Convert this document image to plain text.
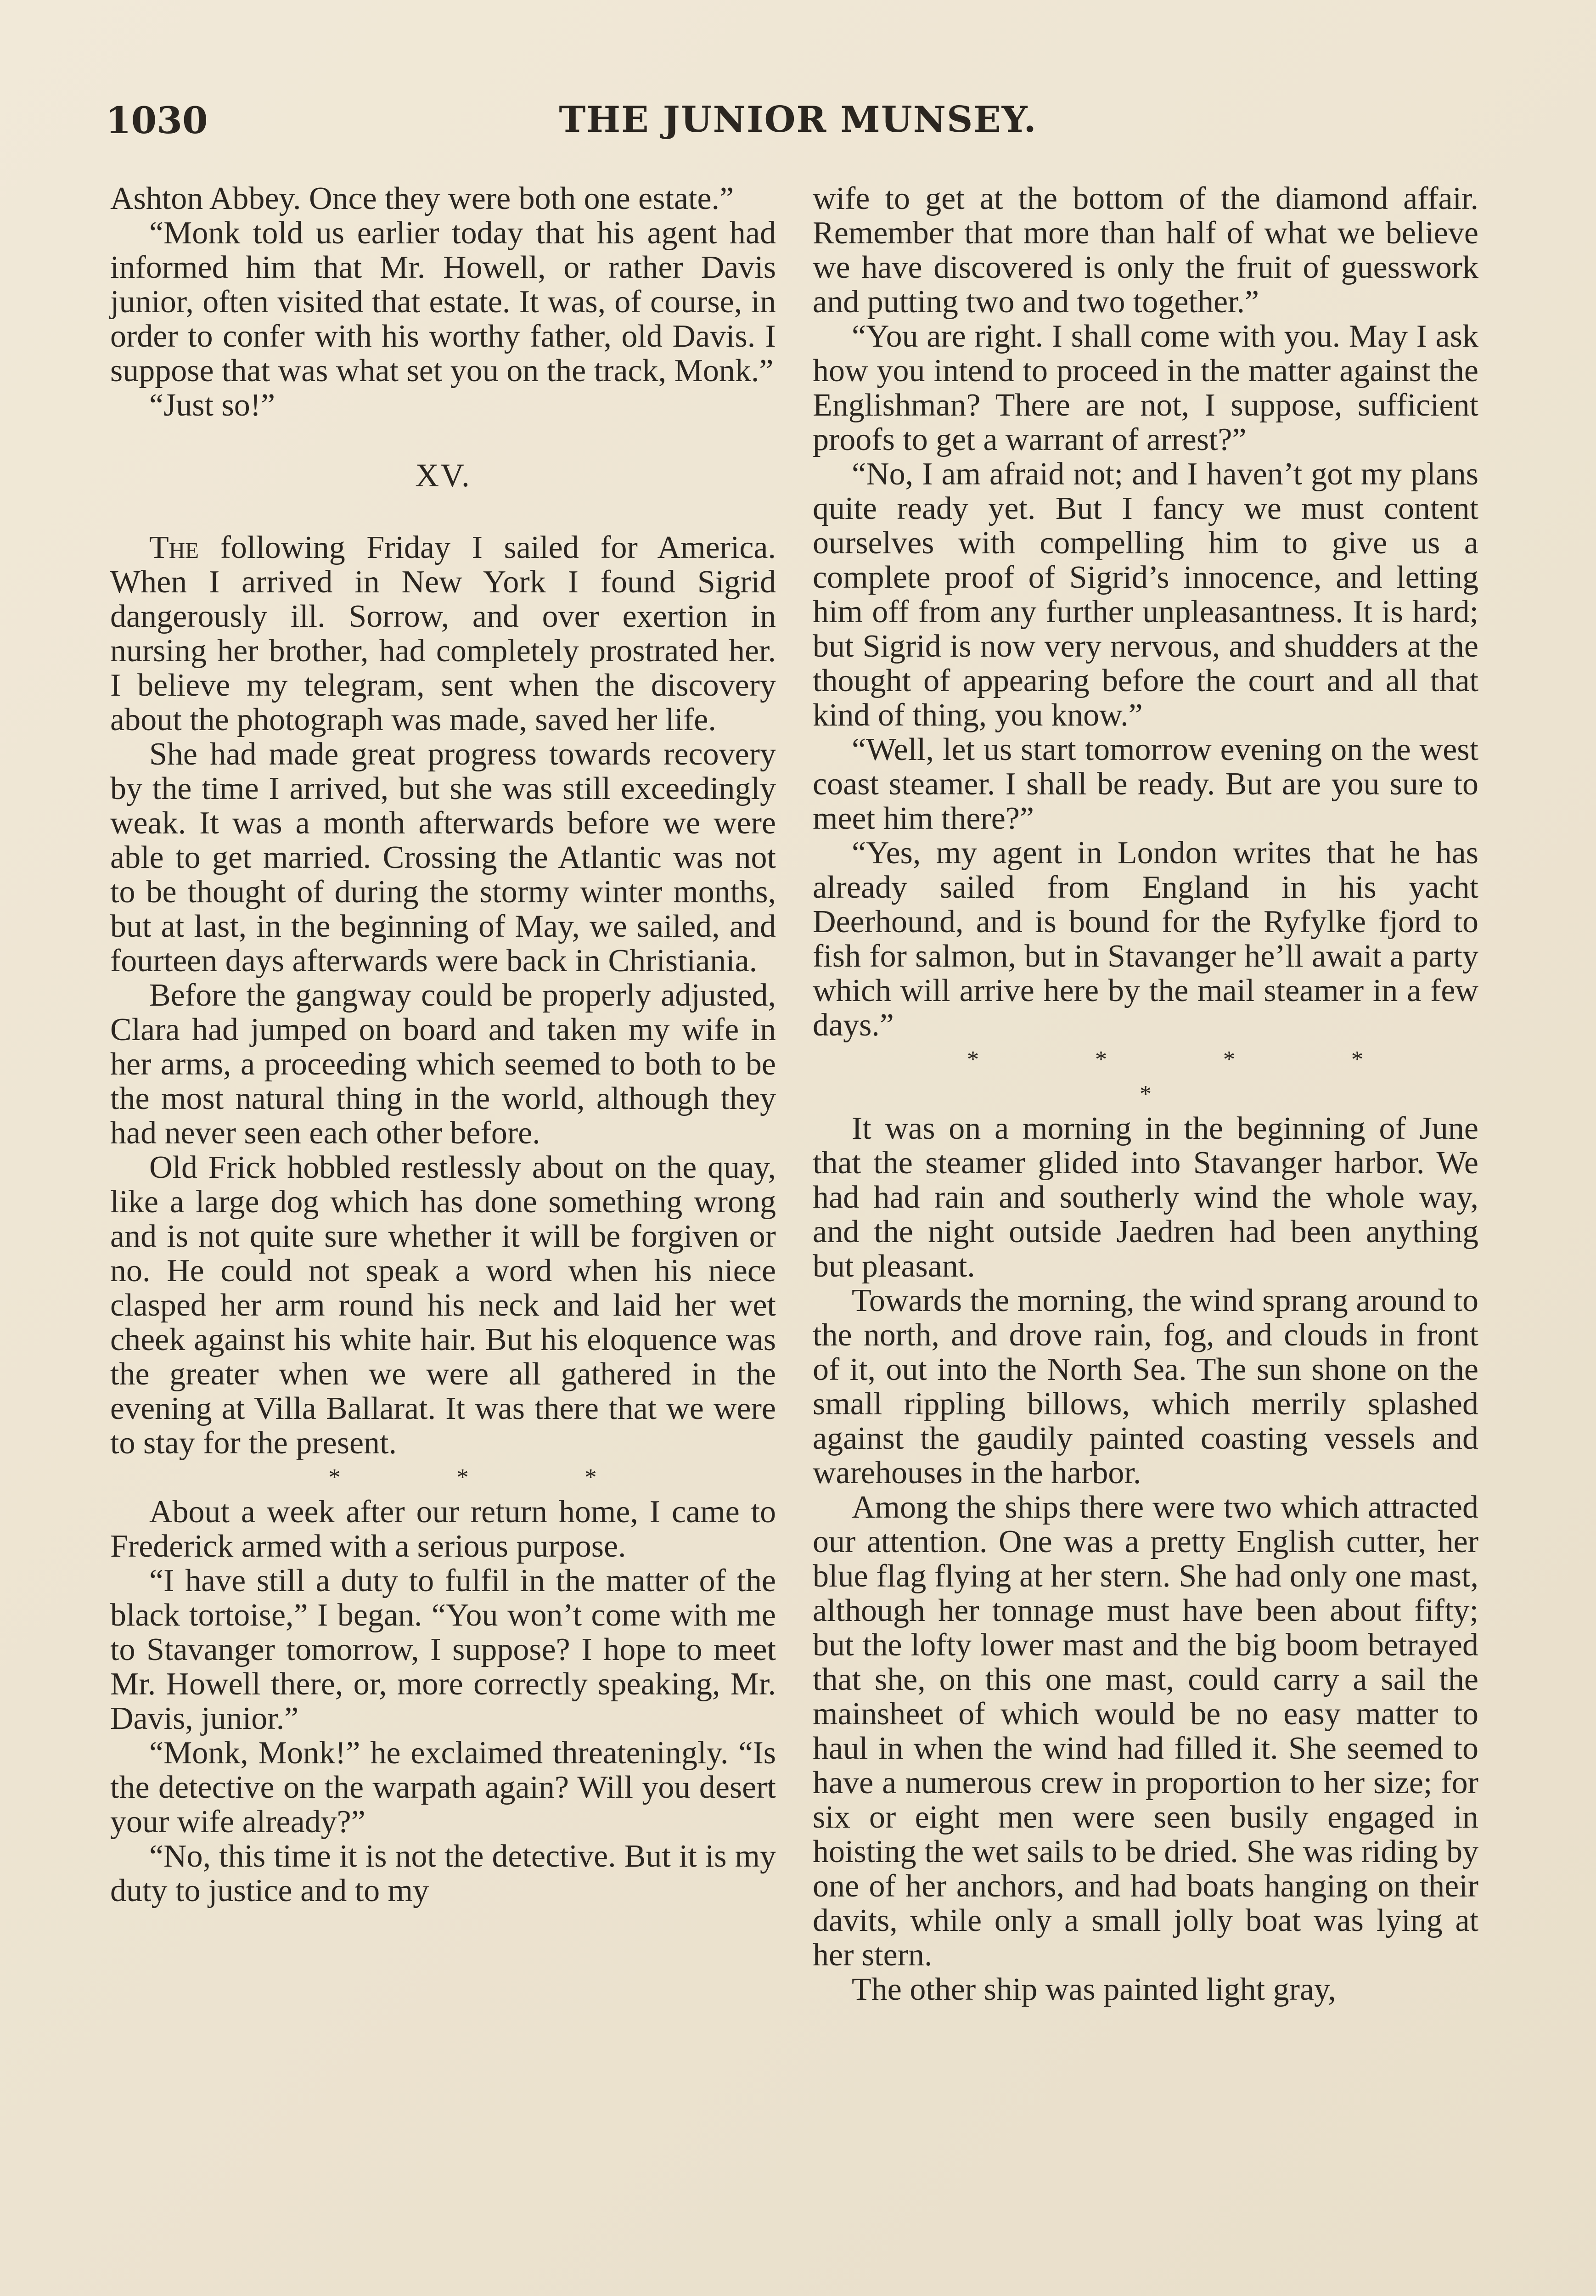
1030	THE JUNIOR MUNSEY.

Ashton Abbey. Once they were both one estate.”

“Monk told us earlier today that his agent had informed him that Mr. Howell, or rather Davis junior, often visited that estate. It was, of course, in order to confer with his worthy father, old Davis. I suppose that was what set you on the track, Monk.”

“Just so!”

XV.

The following Friday I sailed for America. When I arrived in New York I found Sigrid dangerously ill. Sorrow, and over exertion in nursing her brother, had completely prostrated her. I believe my telegram, sent when the discovery about the photograph was made, saved her life.

She had made great progress towards recovery by the time I arrived, but she was still exceedingly weak. It was a month afterwards before we were able to get married. Crossing the Atlantic was not to be thought of during the stormy winter months, but at last, in the beginning of May, we sailed, and fourteen days afterwards were back in Christiania.

Before the gangway could be properly adjusted, Clara had jumped on board and taken my wife in her arms, a proceeding which seemed to both to be the most natural thing in the world, although they had never seen each other before.

Old Frick hobbled restlessly about on the quay, like a large dog which has done something wrong and is not quite sure whether it will be forgiven or no. He could not speak a word when his niece clasped her arm round his neck and laid her wet cheek against his white hair. But his eloquence was the greater when we were all gathered in the evening at Villa Ballarat. It was there that we were to stay for the present.

* * *

About a week after our return home, I came to Frederick armed with a serious purpose.

“I have still a duty to fulfil in the matter of the black tortoise,” I began. “You won’t come with me to Stavanger tomorrow, I suppose? I hope to meet Mr. Howell there, or, more correctly speaking, Mr. Davis, junior.”

“Monk, Monk!” he exclaimed threateningly. “Is the detective on the warpath again? Will you desert your wife already?”

“No, this time it is not the detective. But it is my duty to justice and to my

wife to get at the bottom of the diamond affair. Remember that more than half of what we believe we have discovered is only the fruit of guesswork and putting two and two together.”

“You are right. I shall come with you. May I ask how you intend to proceed in the matter against the Englishman? There are not, I suppose, sufficient proofs to get a warrant of arrest?”

“No, I am afraid not; and I haven’t got my plans quite ready yet. But I fancy we must content ourselves with compelling him to give us a complete proof of Sigrid’s innocence, and letting him off from any further unpleasantness. It is hard; but Sigrid is now very nervous, and shudders at the thought of appearing before the court and all that kind of thing, you know.”

“Well, let us start tomorrow evening on the west coast steamer. I shall be ready. But are you sure to meet him there?”

“Yes, my agent in London writes that he has already sailed from England in his yacht Deerhound, and is bound for the Ryfylke fjord to fish for salmon, but in Stavanger he’ll await a party which will arrive here by the mail steamer in a few days.”

* * * * *

It was on a morning in the beginning of June that the steamer glided into Stavanger harbor. We had had rain and southerly wind the whole way, and the night outside Jaedren had been anything but pleasant.

Towards the morning, the wind sprang around to the north, and drove rain, fog, and clouds in front of it, out into the North Sea. The sun shone on the small rippling billows, which merrily splashed against the gaudily painted coasting vessels and warehouses in the harbor.

Among the ships there were two which attracted our attention. One was a pretty English cutter, her blue flag flying at her stern. She had only one mast, although her tonnage must have been about fifty; but the lofty lower mast and the big boom betrayed that she, on this one mast, could carry a sail the mainsheet of which would be no easy matter to haul in when the wind had filled it. She seemed to have a numerous crew in proportion to her size; for six or eight men were seen busily engaged in hoisting the wet sails to be dried. She was riding by one of her anchors, and had boats hanging on their davits, while only a small jolly boat was lying at her stern.

The other ship was painted light gray,
